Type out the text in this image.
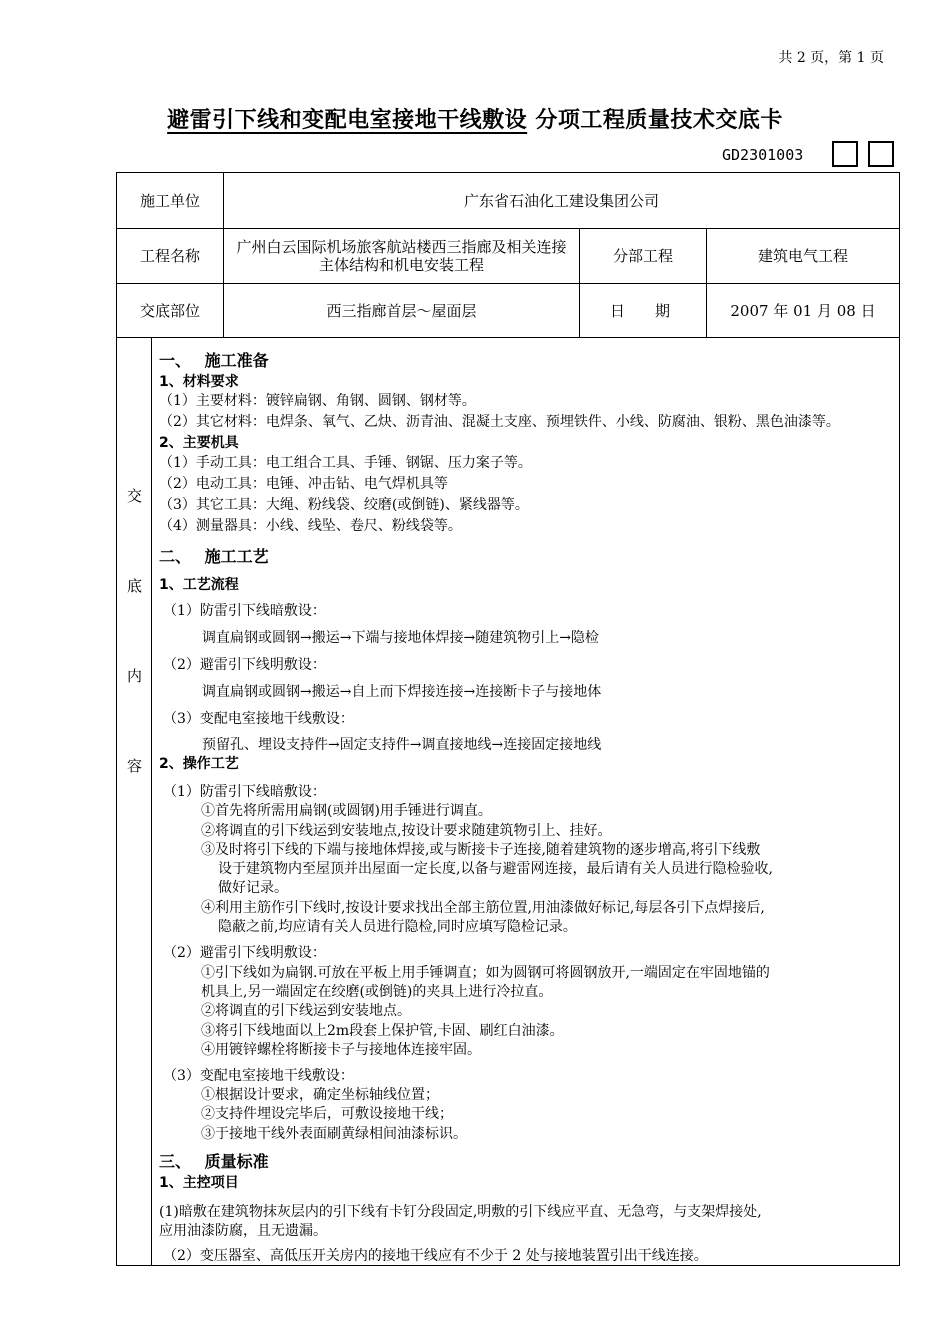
共 2 页，第 1 页
避雷引下线和变配电室接地干线敷设 分项工程质量技术交底卡
GD2301003
施工单位	广东省石油化工建设集团公司		
工程名称	广州白云国际机场旅客航站楼西三指廊及相关连接主体结构和机电安装工程	分部工程	建筑电气工程
交底部位	西三指廊首层～屋面层	日　　期	2007 年 01 月 08 日
交
底
内
容
一、　 施工准备
1、材料要求
（1）主要材料：镀锌扁钢、角钢、圆钢、钢材等。
（2）其它材料：电焊条、氧气、乙炔、沥青油、混凝土支座、预埋铁件、小线、防腐油、银粉、黑色油漆等。
2、主要机具
（1）手动工具：电工组合工具、手锤、钢锯、压力案子等。
（2）电动工具：电锤、冲击钻、电气焊机具等
（3）其它工具：大绳、粉线袋、绞磨(或倒链)、紧线器等。
（4）测量器具：小线、线坠、卷尺、粉线袋等。
二、　 施工工艺
1、工艺流程
（1）防雷引下线暗敷设：
调直扁钢或圆钢→搬运→下端与接地体焊接→随建筑物引上→隐检
（2）避雷引下线明敷设：
调直扁钢或圆钢→搬运→自上而下焊接连接→连接断卡子与接地体
（3）变配电室接地干线敷设：
预留孔、埋设支持件→固定支持件→调直接地线→连接固定接地线
2、操作工艺
（1）防雷引下线暗敷设：
①首先将所需用扁钢(或圆钢)用手锤进行调直。
②将调直的引下线运到安装地点,按设计要求随建筑物引上、挂好。
③及时将引下线的下端与接地体焊接,或与断接卡子连接,随着建筑物的逐步增高,将引下线敷
设于建筑物内至屋顶并出屋面一定长度,以备与避雷网连接，最后请有关人员进行隐检验收,
做好记录。
④利用主筋作引下线时,按设计要求找出全部主筋位置,用油漆做好标记,每层各引下点焊接后,
隐蔽之前,均应请有关人员进行隐检,同时应填写隐检记录。
（2）避雷引下线明敷设：
①引下线如为扁钢.可放在平板上用手锤调直；如为圆钢可将圆钢放开,一端固定在牢固地锚的
机具上,另一端固定在绞磨(或倒链)的夹具上进行冷拉直。
②将调直的引下线运到安装地点。
③将引下线地面以上2m段套上保护管,卡固、刷红白油漆。
④用镀锌螺栓将断接卡子与接地体连接牢固。
（3）变配电室接地干线敷设：
①根据设计要求，确定坐标轴线位置；
②支持件埋设完毕后，可敷设接地干线；
③于接地干线外表面刷黄绿相间油漆标识。
三、　 质量标准
1、主控项目
(1)暗敷在建筑物抹灰层内的引下线有卡钉分段固定,明敷的引下线应平直、无急弯，与支架焊接处,
应用油漆防腐，且无遗漏。
（2）变压器室、高低压开关房内的接地干线应有不少于 2 处与接地装置引出干线连接。
